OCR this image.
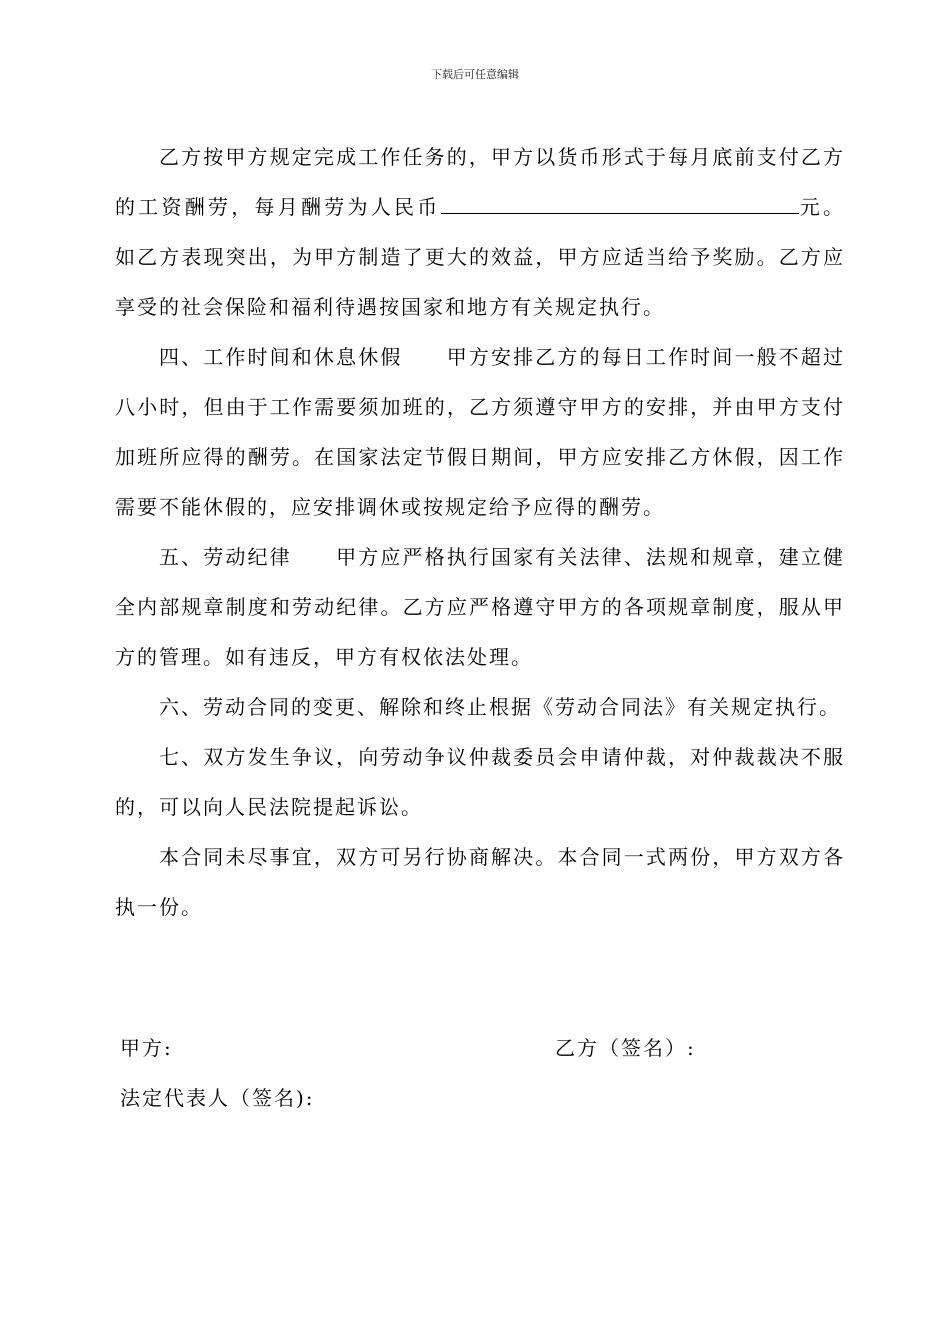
下载后可任意编辑

乙方按甲方规定完成工作任务的，甲方以货币形式于每月底前支付乙方的工资酬劳，每月酬劳为人民币	元。如乙方表现突出，为甲方制造了更大的效益，甲方应适当给予奖励。乙方应享受的社会保险和福利待遇按国家和地方有关规定执行。

四、工作时间和休息休假　　甲方安排乙方的每日工作时间一般不超过八小时，但由于工作需要须加班的，乙方须遵守甲方的安排，并由甲方支付加班所应得的酬劳。在国家法定节假日期间，甲方应安排乙方休假，因工作需要不能休假的，应安排调休或按规定给予应得的酬劳。

五、劳动纪律　　甲方应严格执行国家有关法律、法规和规章，建立健全内部规章制度和劳动纪律。乙方应严格遵守甲方的各项规章制度，服从甲方的管理。如有违反，甲方有权依法处理。

六、劳动合同的变更、解除和终止根据《劳动合同法》有关规定执行。

七、双方发生争议，向劳动争议仲裁委员会申请仲裁，对仲裁裁决不服的，可以向人民法院提起诉讼。

本合同未尽事宜，双方可另行协商解决。本合同一式两份，甲方双方各执一份。

甲方:	乙方（签名）:
法定代表人（签名):
